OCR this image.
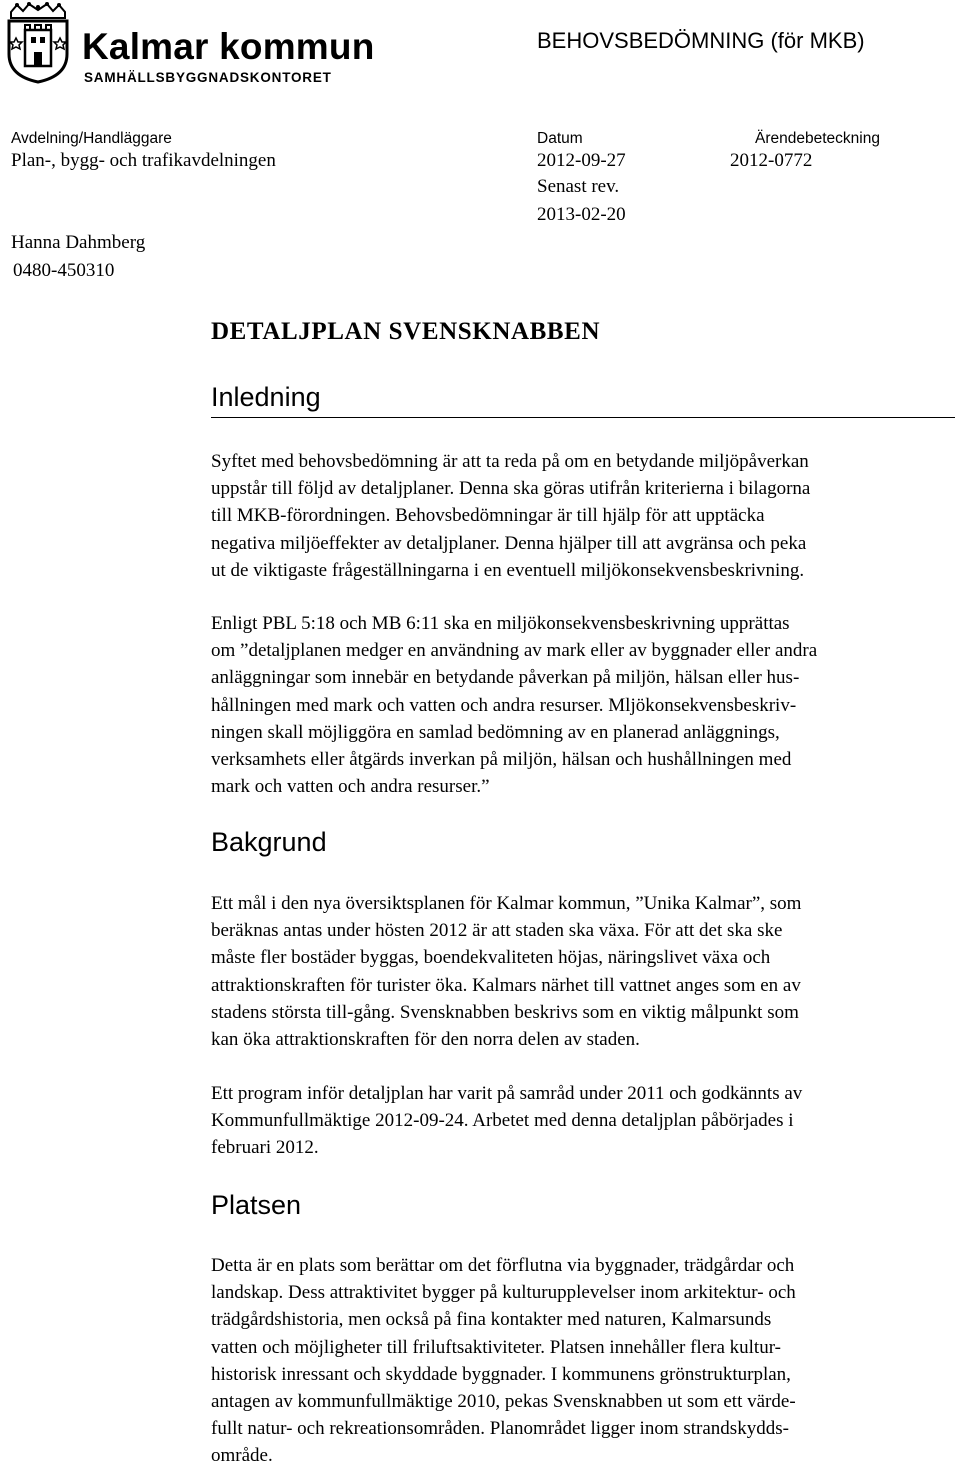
Kalmar kommun
SAMHÄLLSBYGGNADSKONTORET
BEHOVSBEDÖMNING (för MKB)
Avdelning/Handläggare
Plan-, bygg- och trafikavdelningen
Datum
2012-09-27
Senast rev.
2013-02-20
Ärendebeteckning
2012-0772
Hanna Dahmberg
0480-450310
DETALJPLAN SVENSKNABBEN
Inledning

Syftet med behovsbedömning är att ta reda på om en betydande miljöpåverkan

uppstår till följd av detaljplaner. Denna ska göras utifrån kriterierna i bilagorna

till MKB-förordningen. Behovsbedömningar är till hjälp för att upptäcka

negativa miljöeffekter av detaljplaner. Denna hjälper till att avgränsa och peka

ut de viktigaste frågeställningarna i en eventuell miljökonsekvensbeskrivning.

Enligt PBL 5:18 och MB 6:11 ska en miljökonsekvensbeskrivning upprättas

om ”detaljplanen medger en användning av mark eller av byggnader eller andra

anläggningar som innebär en betydande påverkan på miljön, hälsan eller hus-

hållningen med mark och vatten och andra resurser. Mljökonsekvensbeskriv-

ningen skall möjliggöra en samlad bedömning av en planerad anläggnings,

verksamhets eller åtgärds inverkan på miljön, hälsan och hushållningen med

mark och vatten och andra resurser.”

Bakgrund

Ett mål i den nya översiktsplanen för Kalmar kommun, ”Unika Kalmar”, som

beräknas antas under hösten 2012 är att staden ska växa. För att det ska ske

måste fler bostäder byggas, boendekvaliteten höjas, näringslivet växa och

attraktionskraften för turister öka. Kalmars närhet till vattnet anges som en av

stadens största till-gång. Svensknabben beskrivs som en viktig målpunkt som

kan öka attraktionskraften för den norra delen av staden.

Ett program inför detaljplan har varit på samråd under 2011 och godkännts av

Kommunfullmäktige 2012-09-24. Arbetet med denna detaljplan påbörjades i

februari 2012.

Platsen

Detta är en plats som berättar om det förflutna via byggnader, trädgårdar och

landskap. Dess attraktivitet bygger på kulturupplevelser inom arkitektur- och

trädgårdshistoria, men också på fina kontakter med naturen, Kalmarsunds

vatten och möjligheter till friluftsaktiviteter. Platsen innehåller flera kultur-

historisk inressant och skyddade byggnader. I kommunens grönstrukturplan,

antagen av kommunfullmäktige 2010, pekas Svensknabben ut som ett värde-

fullt natur- och rekreationsområden. Planområdet ligger inom strandskydds-

område.
